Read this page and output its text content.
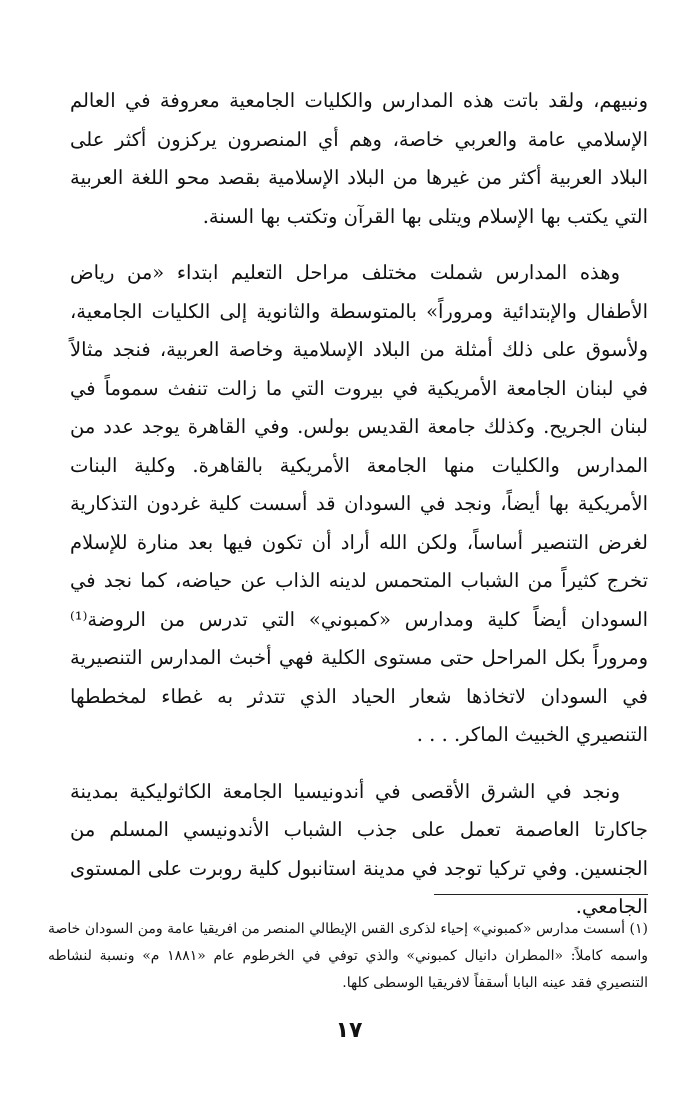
ونبيهم، ولقد باتت هذه المدارس والكليات الجامعية معروفة في العالم الإسلامي عامة والعربي خاصة، وهم أي المنصرون يركزون أكثر على البلاد العربية أكثر من غيرها من البلاد الإسلامية بقصد محو اللغة العربية التي يكتب بها الإسلام ويتلى بها القرآن وتكتب بها السنة.

وهذه المدارس شملت مختلف مراحل التعليم ابتداء «من رياض الأطفال والإبتدائية ومروراً» بالمتوسطة والثانوية إلى الكليات الجامعية، ولأسوق على ذلك أمثلة من البلاد الإسلامية وخاصة العربية، فنجد مثالاً في لبنان الجامعة الأمريكية في بيروت التي ما زالت تنفث سموماً في لبنان الجريح. وكذلك جامعة القديس بولس. وفي القاهرة يوجد عدد من المدارس والكليات منها الجامعة الأمريكية بالقاهرة. وكلية البنات الأمريكية بها أيضاً، ونجد في السودان قد أسست كلية غردون التذكارية لغرض التنصير أساساً، ولكن الله أراد أن تكون فيها بعد منارة للإسلام تخرج كثيراً من الشباب المتحمس لدينه الذاب عن حياضه، كما نجد في السودان أيضاً كلية ومدارس «كمبوني» التي تدرس من الروضة⁽¹⁾ ومروراً بكل المراحل حتى مستوى الكلية فهي أخبث المدارس التنصيرية في السودان لاتخاذها شعار الحياد الذي تتدثر به غطاء لمخططها التنصيري الخبيث الماكر. . . .

ونجد في الشرق الأقصى في أندونيسيا الجامعة الكاثوليكية بمدينة جاكارتا العاصمة تعمل على جذب الشباب الأندونيسي المسلم من الجنسين. وفي تركيا توجد في مدينة استانبول كلية روبرت على المستوى الجامعي.

(١) أسست مدارس «كمبوني» إحياء لذكرى القس الإيطالي المنصر من افريقيا عامة ومن السودان خاصة واسمه كاملاً: «المطران دانيال كمبوني» والذي توفي في الخرطوم عام «١٨٨١ م» ونسبة لنشاطه التنصيري فقد عينه البابا أسقفاً لافريقيا الوسطى كلها.

١٧
